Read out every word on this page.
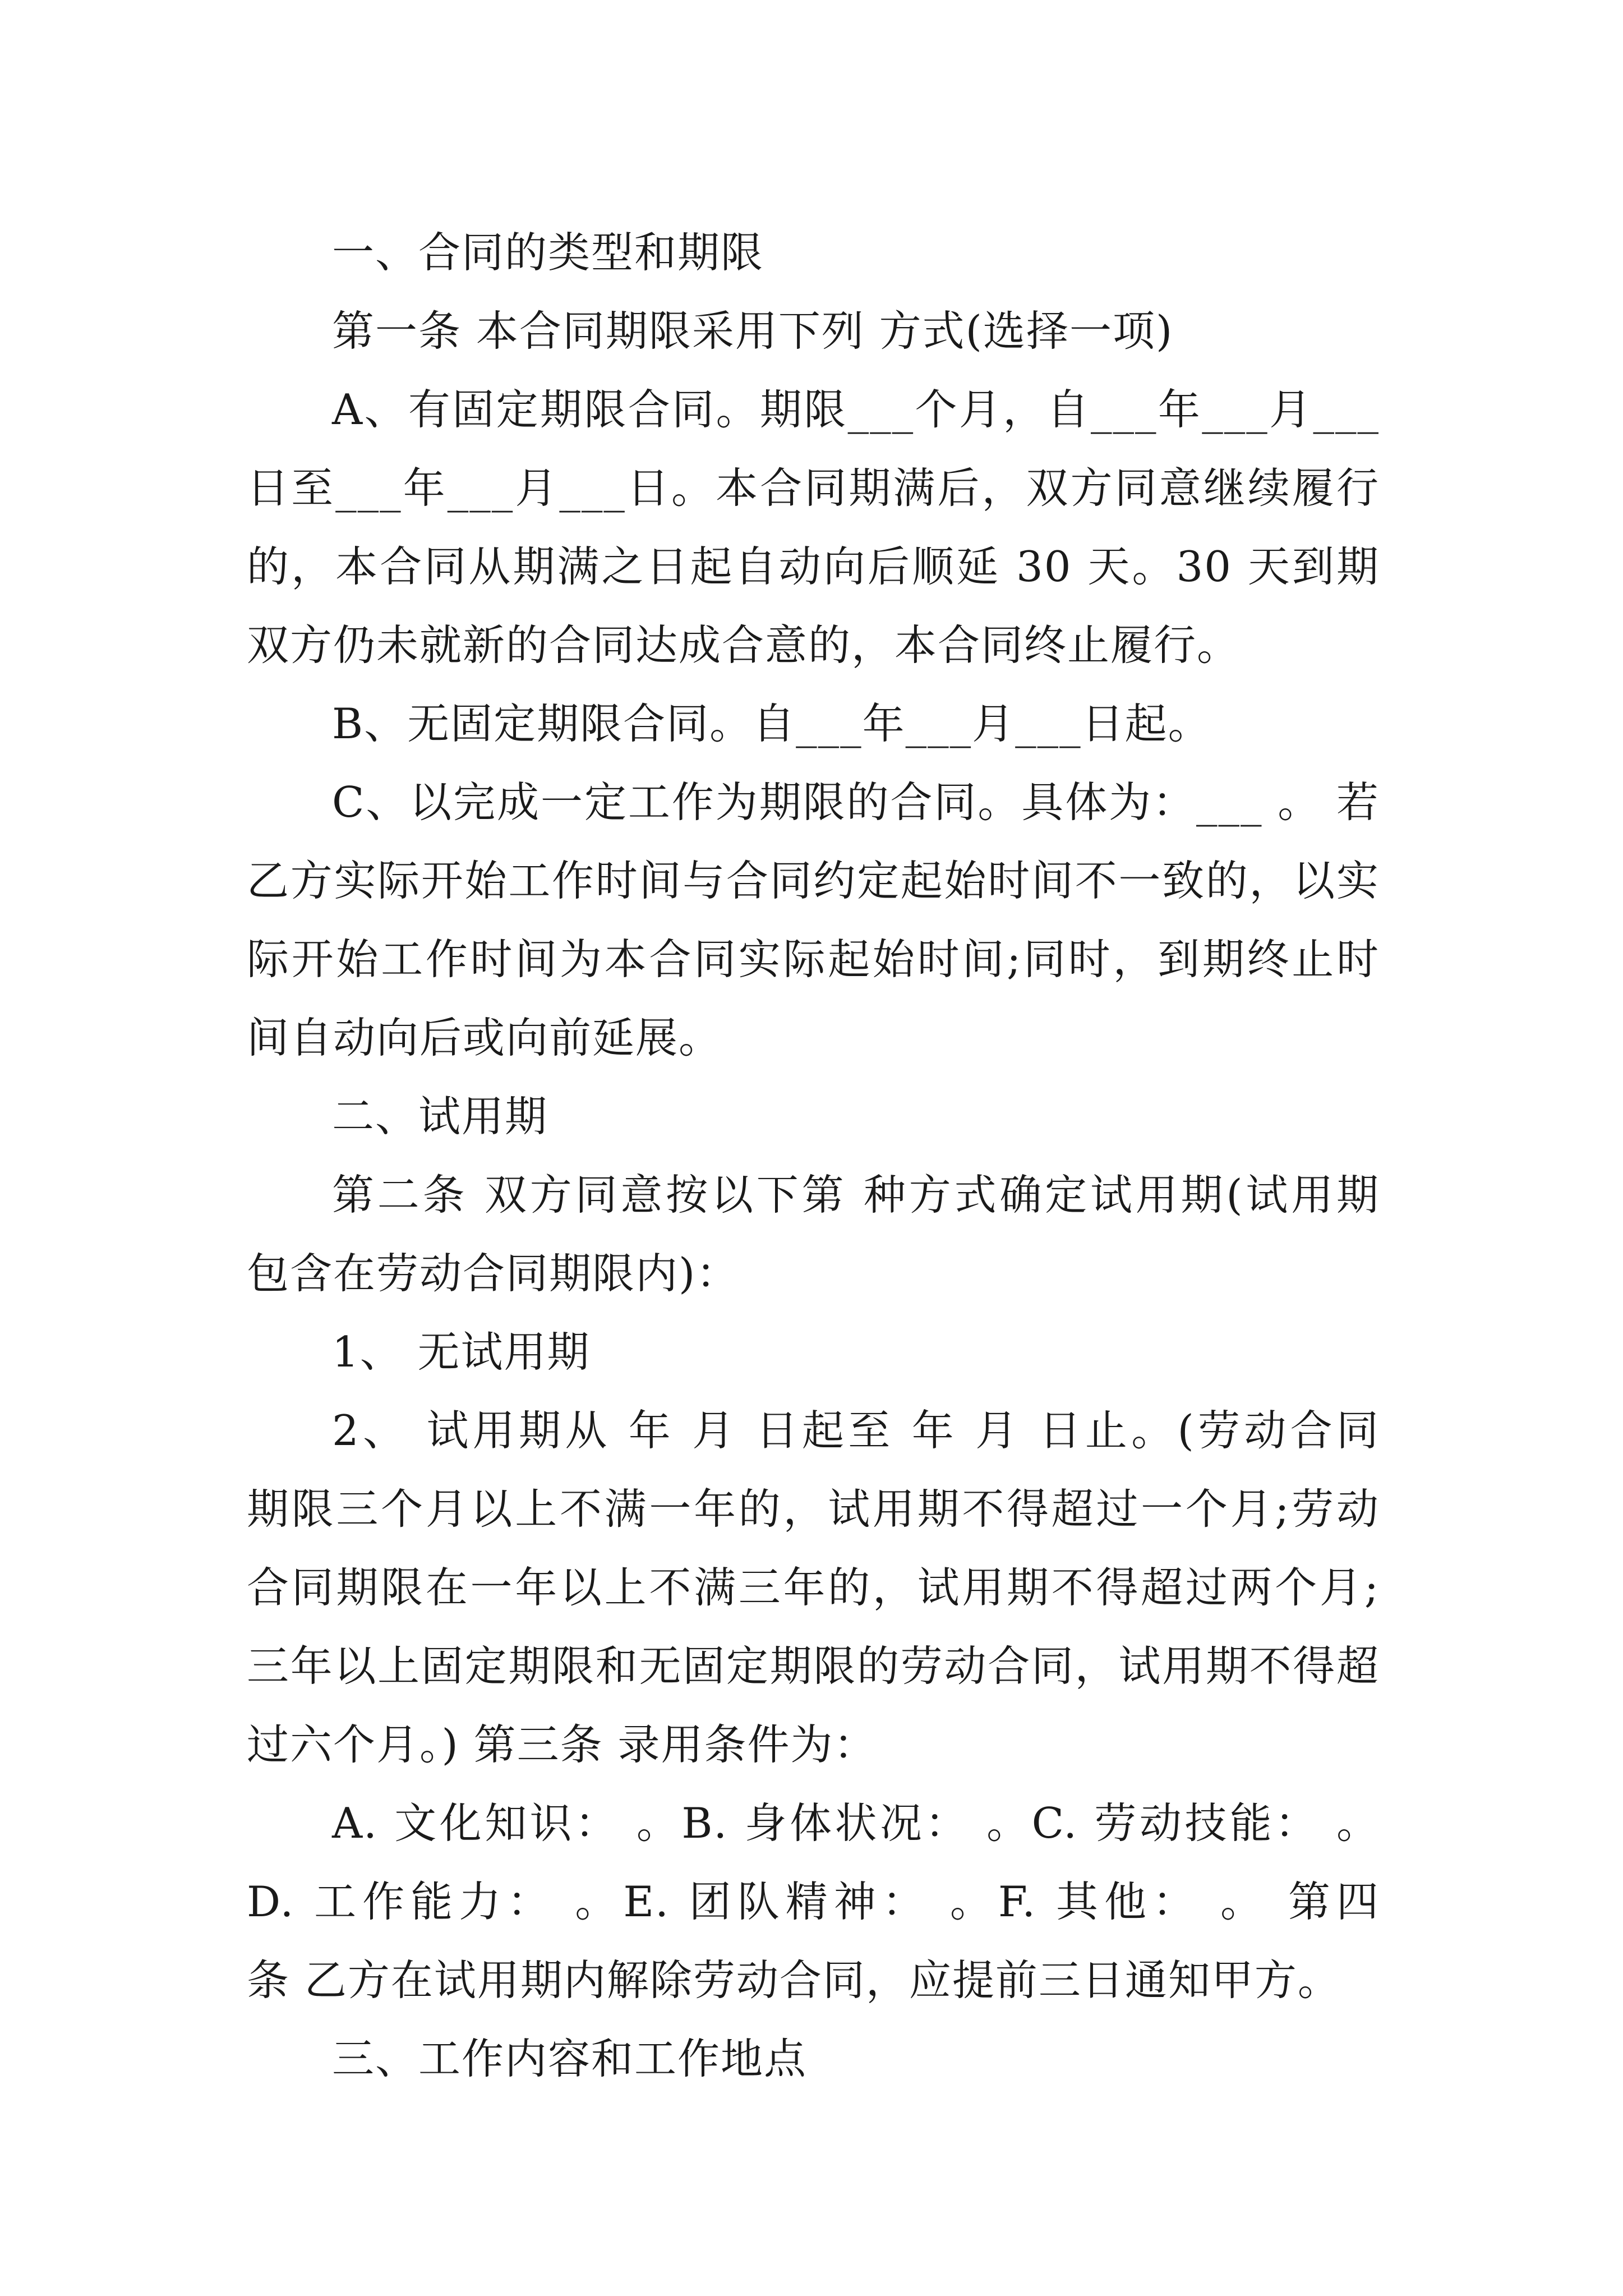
一、合同的类型和期限
第一条 本合同期限采用下列 方式(选择一项)
A、有固定期限合同。期限___个月，自___年___月___
日至___年___月___日。本合同期满后，双方同意继续履行
的，本合同从期满之日起自动向后顺延 30 天。30 天到期
双方仍未就新的合同达成合意的，本合同终止履行。
B、无固定期限合同。自___年___月___日起。
C、以完成一定工作为期限的合同。具体为：___ 。 若
乙方实际开始工作时间与合同约定起始时间不一致的，以实
际开始工作时间为本合同实际起始时间;同时，到期终止时
间自动向后或向前延展。
二、试用期
第二条 双方同意按以下第 种方式确定试用期(试用期
包含在劳动合同期限内)：
1、 无试用期
2、 试用期从 年 月 日起至 年 月 日止。(劳动合同
期限三个月以上不满一年的，试用期不得超过一个月;劳动
合同期限在一年以上不满三年的，试用期不得超过两个月;
三年以上固定期限和无固定期限的劳动合同，试用期不得超
过六个月。) 第三条 录用条件为：
A. 文化知识： 。B. 身体状况： 。C. 劳动技能： 。
D. 工作能力： 。E. 团队精神： 。F. 其他： 。 第四
条 乙方在试用期内解除劳动合同，应提前三日通知甲方。
三、工作内容和工作地点
